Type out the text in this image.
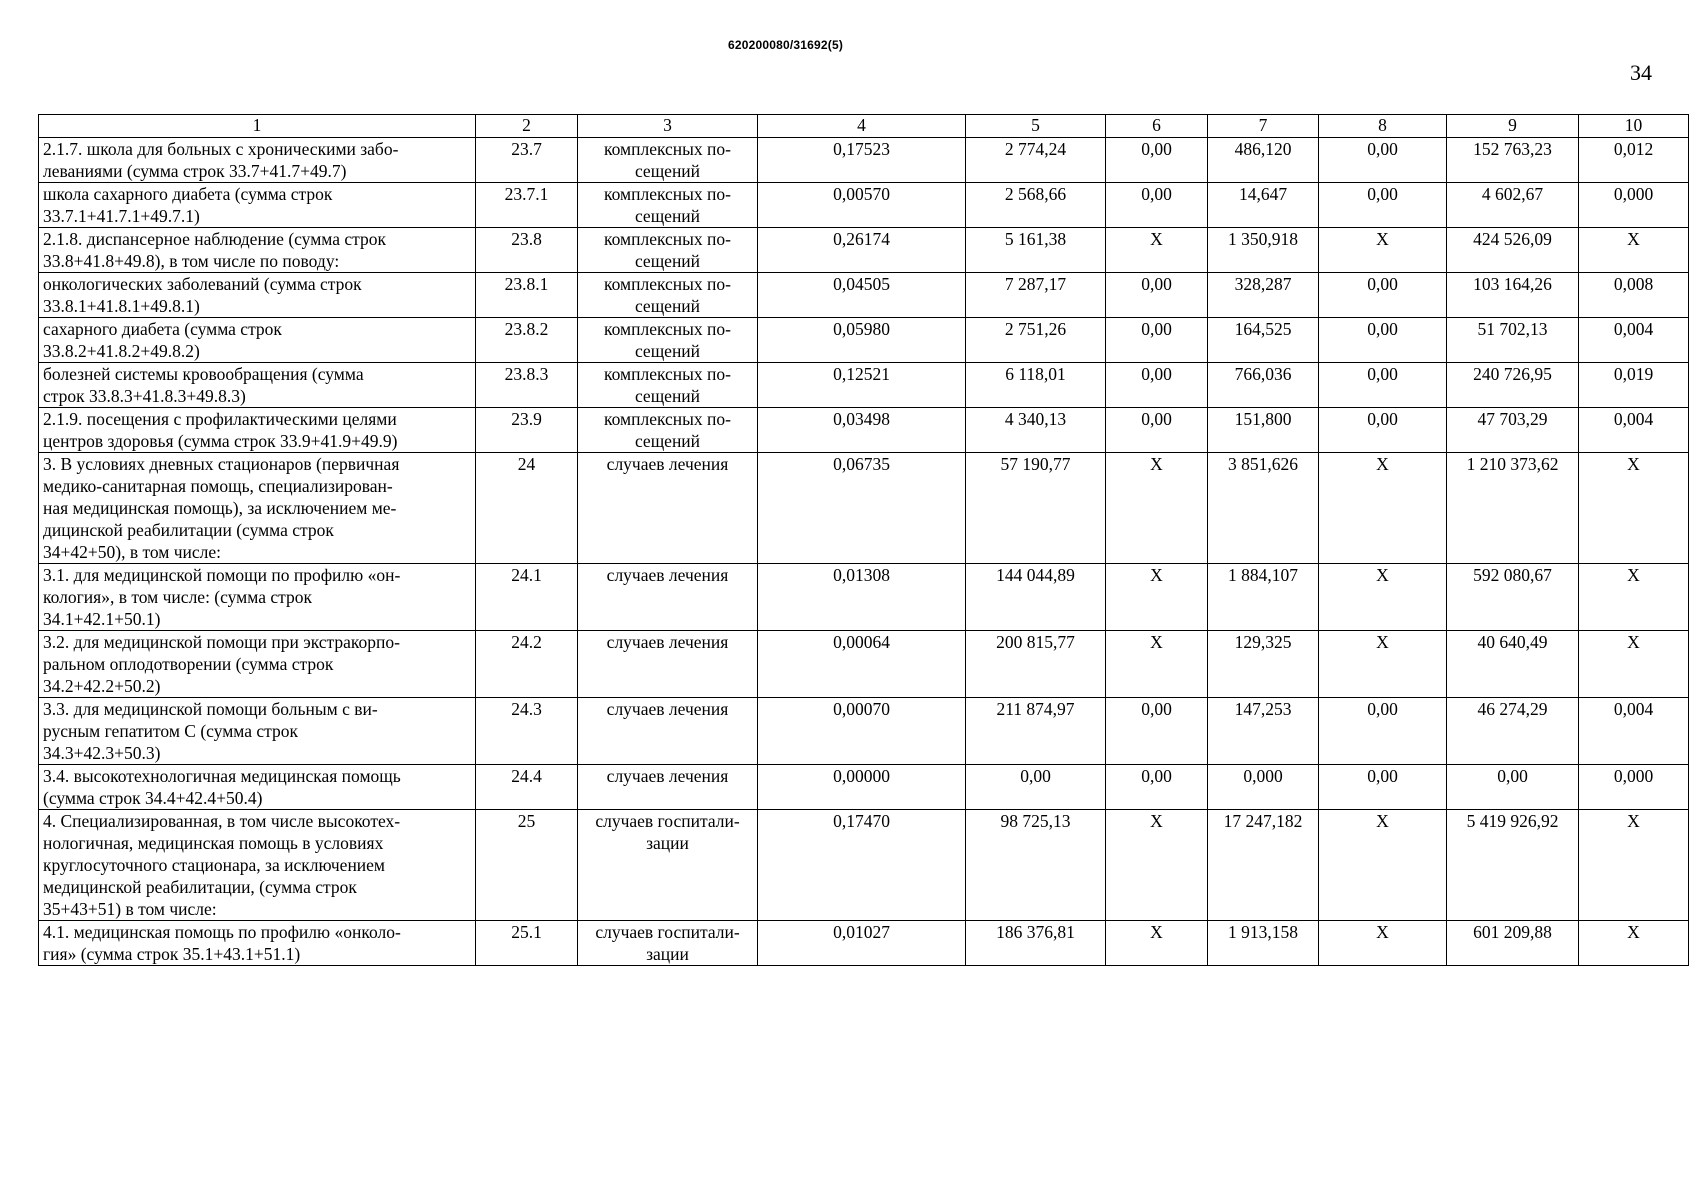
620200080/31692(5)
34
1	2	3	4	5	6	7	8	9	10

2.1.7. школа для больных с хроническими забо-
леваниями (сумма строк 33.7+41.7+49.7)	23.7	комплексных по-
сещений	0,17523	2 774,24	0,00	486,120	0,00	152 763,23	0,012

школа сахарного диабета (сумма строк
33.7.1+41.7.1+49.7.1)	23.7.1	комплексных по-
сещений	0,00570	2 568,66	0,00	14,647	0,00	4 602,67	0,000

2.1.8. диспансерное наблюдение (сумма строк
33.8+41.8+49.8), в том числе по поводу:	23.8	комплексных по-
сещений	0,26174	5 161,38	X	1 350,918	X	424 526,09	X

онкологических заболеваний (сумма строк
33.8.1+41.8.1+49.8.1)	23.8.1	комплексных по-
сещений	0,04505	7 287,17	0,00	328,287	0,00	103 164,26	0,008

сахарного диабета (сумма строк
33.8.2+41.8.2+49.8.2)	23.8.2	комплексных по-
сещений	0,05980	2 751,26	0,00	164,525	0,00	51 702,13	0,004

болезней системы кровообращения (сумма
строк 33.8.3+41.8.3+49.8.3)	23.8.3	комплексных по-
сещений	0,12521	6 118,01	0,00	766,036	0,00	240 726,95	0,019

2.1.9. посещения с профилактическими целями
центров здоровья (сумма строк 33.9+41.9+49.9)	23.9	комплексных по-
сещений	0,03498	4 340,13	0,00	151,800	0,00	47 703,29	0,004

3. В условиях дневных стационаров (первичная
медико-санитарная помощь, специализирован-
ная медицинская помощь), за исключением ме-
дицинской реабилитации (сумма строк
34+42+50), в том числе:	24	случаев лечения	0,06735	57 190,77	X	3 851,626	X	1 210 373,62	X

3.1. для медицинской помощи по профилю «он-
кология», в том числе: (сумма строк
34.1+42.1+50.1)	24.1	случаев лечения	0,01308	144 044,89	X	1 884,107	X	592 080,67	X

3.2. для медицинской помощи при экстракорпо-
ральном оплодотворении (сумма строк
34.2+42.2+50.2)	24.2	случаев лечения	0,00064	200 815,77	X	129,325	X	40 640,49	X

3.3. для медицинской помощи больным с ви-
русным гепатитом С (сумма строк
34.3+42.3+50.3)	24.3	случаев лечения	0,00070	211 874,97	0,00	147,253	0,00	46 274,29	0,004

3.4. высокотехнологичная медицинская помощь
(сумма строк 34.4+42.4+50.4)	24.4	случаев лечения	0,00000	0,00	0,00	0,000	0,00	0,00	0,000

4. Специализированная, в том числе высокотех-
нологичная, медицинская помощь в условиях
круглосуточного стационара, за исключением
медицинской реабилитации, (сумма строк
35+43+51) в том числе:	25	случаев госпитали-
зации	0,17470	98 725,13	X	17 247,182	X	5 419 926,92	X

4.1. медицинская помощь по профилю «онколо-
гия» (сумма строк 35.1+43.1+51.1)	25.1	случаев госпитали-
зации	0,01027	186 376,81	X	1 913,158	X	601 209,88	X
